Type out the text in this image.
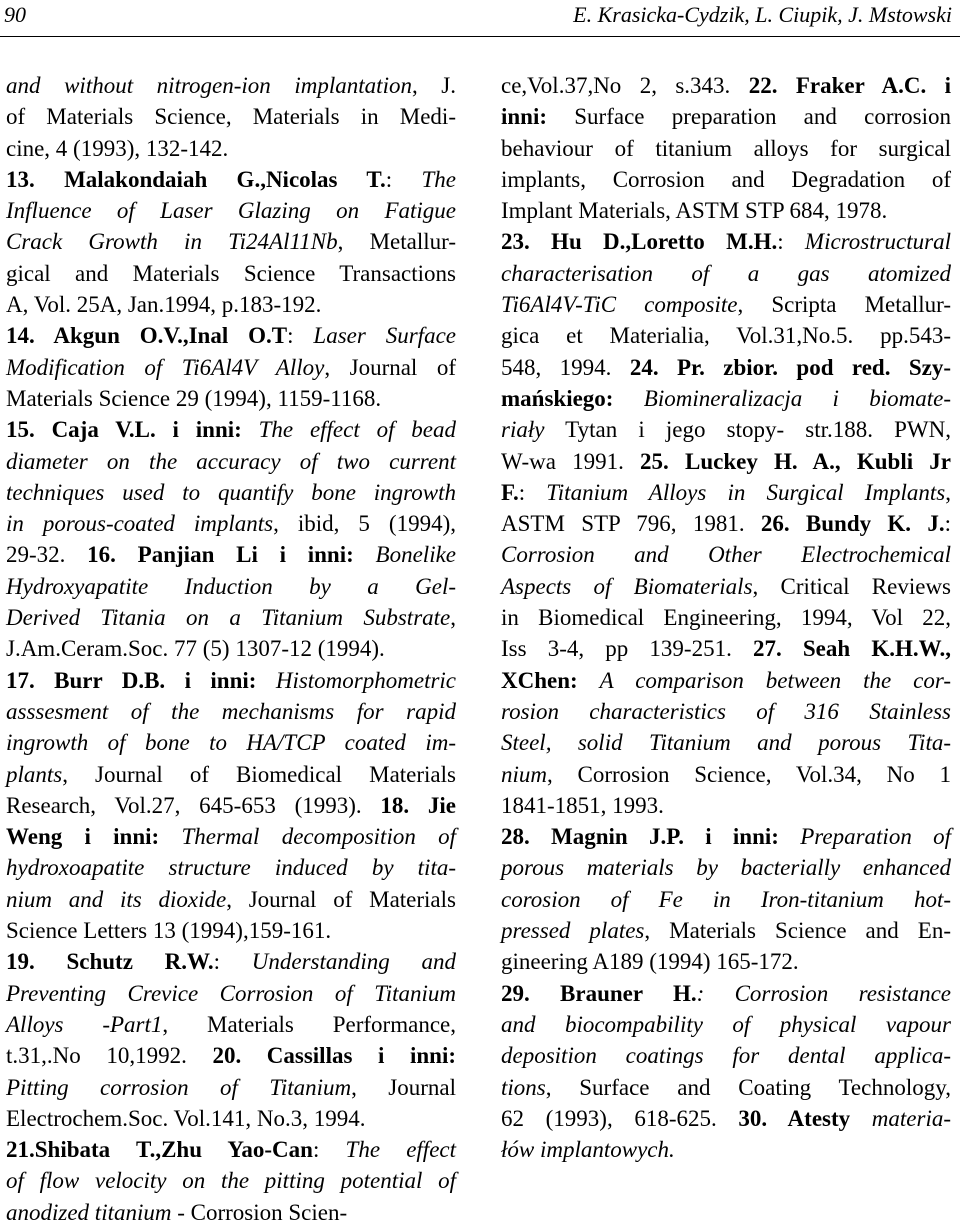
90	E. Krasicka-Cydzik, L. Ciupik, J. Mstowski
and without nitrogen-ion implantation, J.
of Materials Science, Materials in Medi-
cine, 4 (1993), 132-142.
13. Malakondaiah G.,Nicolas T.: The
Influence of Laser Glazing on Fatigue
Crack Growth in Ti24Al11Nb, Metallur-
gical and Materials Science Transactions
A, Vol. 25A, Jan.1994, p.183-192.
14. Akgun O.V.,Inal O.T: Laser Surface
Modification of Ti6Al4V Alloy, Journal of
Materials Science 29 (1994), 1159-1168.
15. Caja V.L. i inni: The effect of bead
diameter on the accuracy of two current
techniques used to quantify bone ingrowth
in porous-coated implants, ibid, 5 (1994),
29-32. 16. Panjian Li i inni: Bonelike
Hydroxyapatite Induction by a Gel-
Derived Titania on a Titanium Substrate,
J.Am.Ceram.Soc. 77 (5) 1307-12 (1994).
17. Burr D.B. i inni: Histomorphometric
asssesment of the mechanisms for rapid
ingrowth of bone to HA/TCP coated im-
plants, Journal of Biomedical Materials
Research, Vol.27, 645-653 (1993). 18. Jie
Weng i inni: Thermal decomposition of
hydroxoapatite structure induced by tita-
nium and its dioxide, Journal of Materials
Science Letters 13 (1994),159-161.
19. Schutz R.W.: Understanding and
Preventing Crevice Corrosion of Titanium
Alloys -Part1, Materials Performance,
t.31,.No 10,1992. 20. Cassillas i inni:
Pitting corrosion of Titanium, Journal
Electrochem.Soc. Vol.141, No.3, 1994.
21.Shibata T.,Zhu Yao-Can: The effect
of flow velocity on the pitting potential of
anodized titanium - Corrosion Scien-
ce,Vol.37,No 2, s.343. 22. Fraker A.C. i
inni: Surface preparation and corrosion
behaviour of titanium alloys for surgical
implants, Corrosion and Degradation of
Implant Materials, ASTM STP 684, 1978.
23. Hu D.,Loretto M.H.: Microstructural
characterisation of a gas atomized
Ti6Al4V-TiC composite, Scripta Metallur-
gica et Materialia, Vol.31,No.5. pp.543-
548, 1994. 24. Pr. zbior. pod red. Szy-
mańskiego: Biomineralizacja i biomate-
riały Tytan i jego stopy- str.188. PWN,
W-wa 1991. 25. Luckey H. A., Kubli Jr
F.: Titanium Alloys in Surgical Implants,
ASTM STP 796, 1981. 26. Bundy K. J.:
Corrosion and Other Electrochemical
Aspects of Biomaterials, Critical Reviews
in Biomedical Engineering, 1994, Vol 22,
Iss 3-4, pp 139-251. 27. Seah K.H.W.,
XChen: A comparison between the cor-
rosion characteristics of 316 Stainless
Steel, solid Titanium and porous Tita-
nium, Corrosion Science, Vol.34, No 1
1841-1851, 1993.
28. Magnin J.P. i inni: Preparation of
porous materials by bacterially enhanced
corosion of Fe in Iron-titanium hot-
pressed plates, Materials Science and En-
gineering A189 (1994) 165-172.
29. Brauner H.: Corrosion resistance
and biocompability of physical vapour
deposition coatings for dental applica-
tions, Surface and Coating Technology,
62 (1993), 618-625. 30. Atesty materia-
łów implantowych.
